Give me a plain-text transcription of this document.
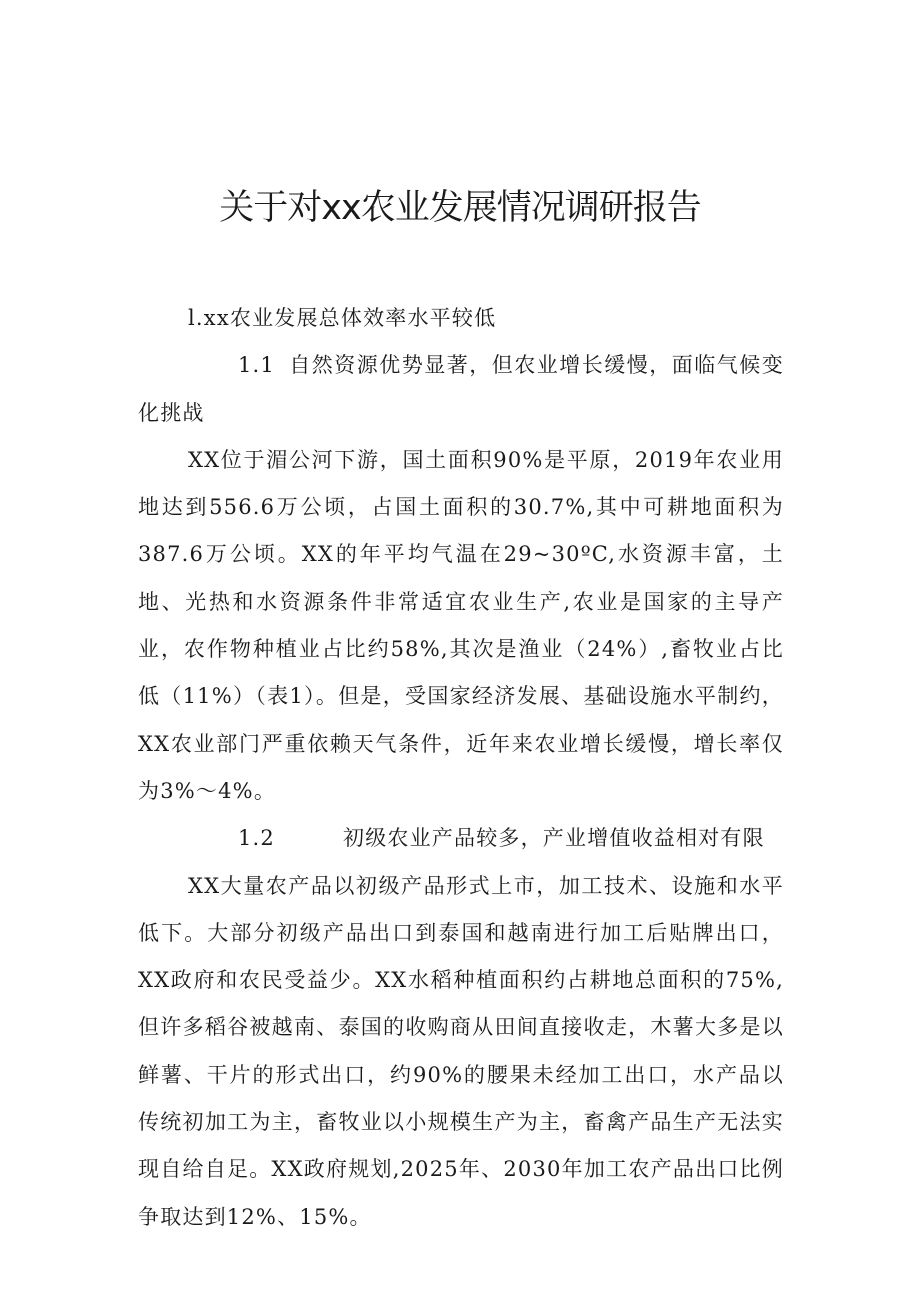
关于对xx农业发展情况调研报告

l.xx农业发展总体效率水平较低

1.1 自然资源优势显著，但农业增长缓慢，面临气候变化挑战

XX位于湄公河下游，国土面积90%是平原，2019年农业用地达到556.6万公顷，占国土面积的30.7%,其中可耕地面积为387.6万公顷。XX的年平均气温在29~30ºC,水资源丰富，土地、光热和水资源条件非常适宜农业生产,农业是国家的主导产业，农作物种植业占比约58%,其次是渔业（24%）,畜牧业占比低（11%）（表1）。但是，受国家经济发展、基础设施水平制约，XX农业部门严重依赖天气条件，近年来农业增长缓慢，增长率仅为3%～4%。

1.2	初级农业产品较多，产业增值收益相对有限

XX大量农产品以初级产品形式上市，加工技术、设施和水平低下。大部分初级产品出口到泰国和越南进行加工后贴牌出口，XX政府和农民受益少。XX水稻种植面积约占耕地总面积的75%,但许多稻谷被越南、泰国的收购商从田间直接收走，木薯大多是以鲜薯、干片的形式出口，约90%的腰果未经加工出口，水产品以传统初加工为主，畜牧业以小规模生产为主，畜禽产品生产无法实现自给自足。XX政府规划,2025年、2030年加工农产品出口比例争取达到12%、15%。
